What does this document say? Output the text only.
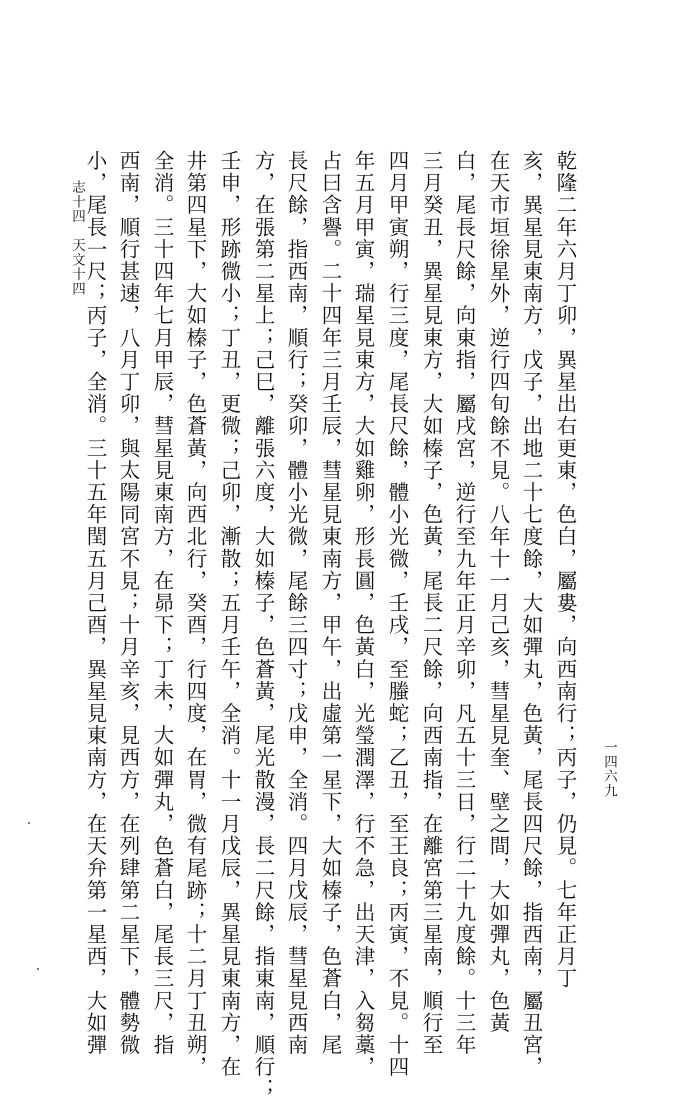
乾隆二年六月丁卯，異星出右更東，色白，屬婁，向西南行；丙子，仍見。七年正月丁
亥，異星見東南方，戊子，出地二十七度餘，大如彈丸，色黃，尾長四尺餘，指西南，屬丑宮，
在天市垣徐星外，逆行四旬餘不見。八年十一月己亥，彗星見奎、壁之間，大如彈丸，色黃
白，尾長尺餘，向東指，屬戌宮，逆行至九年正月辛卯，凡五十三日，行二十九度餘。十三年
三月癸丑，異星見東方，大如榛子，色黃，尾長二尺餘，向西南指，在離宮第三星南，順行至
四月甲寅朔，行三度，尾長尺餘，體小光微，壬戌，至螣蛇；乙丑，至王良；丙寅，不見。十四
年五月甲寅，瑞星見東方，大如雞卵，形長圓，色黃白，光瑩潤澤，行不急，出天津，入芻藁，
占曰含譽。二十四年三月壬辰，彗星見東南方，甲午，出虛第一星下，大如榛子，色蒼白，尾
長尺餘，指西南，順行；癸卯，體小光微，尾餘三四寸；戊申，全消。四月戊辰，彗星見西南
方，在張第二星上；己巳，離張六度，大如榛子，色蒼黃，尾光散漫，長二尺餘，指東南，順行；
壬申，形跡微小；丁丑，更微；己卯，漸散；五月壬午，全消。十一月戊辰，異星見東南方，在
井第四星下，大如榛子，色蒼黃，向西北行，癸酉，行四度，在胃，微有尾跡；十二月丁丑朔，
全消。三十四年七月甲辰，彗星見東南方，在昴下；丁未，大如彈丸，色蒼白，尾長三尺，指
西南，順行甚速，八月丁卯，與太陽同宮不見；十月辛亥，見西方，在列肆第二星下，體勢微
小，尾長一尺；丙子，全消。三十五年閏五月己酉，異星見東南方，在天弁第一星西，大如彈	一四六九
志十四　天文十四
